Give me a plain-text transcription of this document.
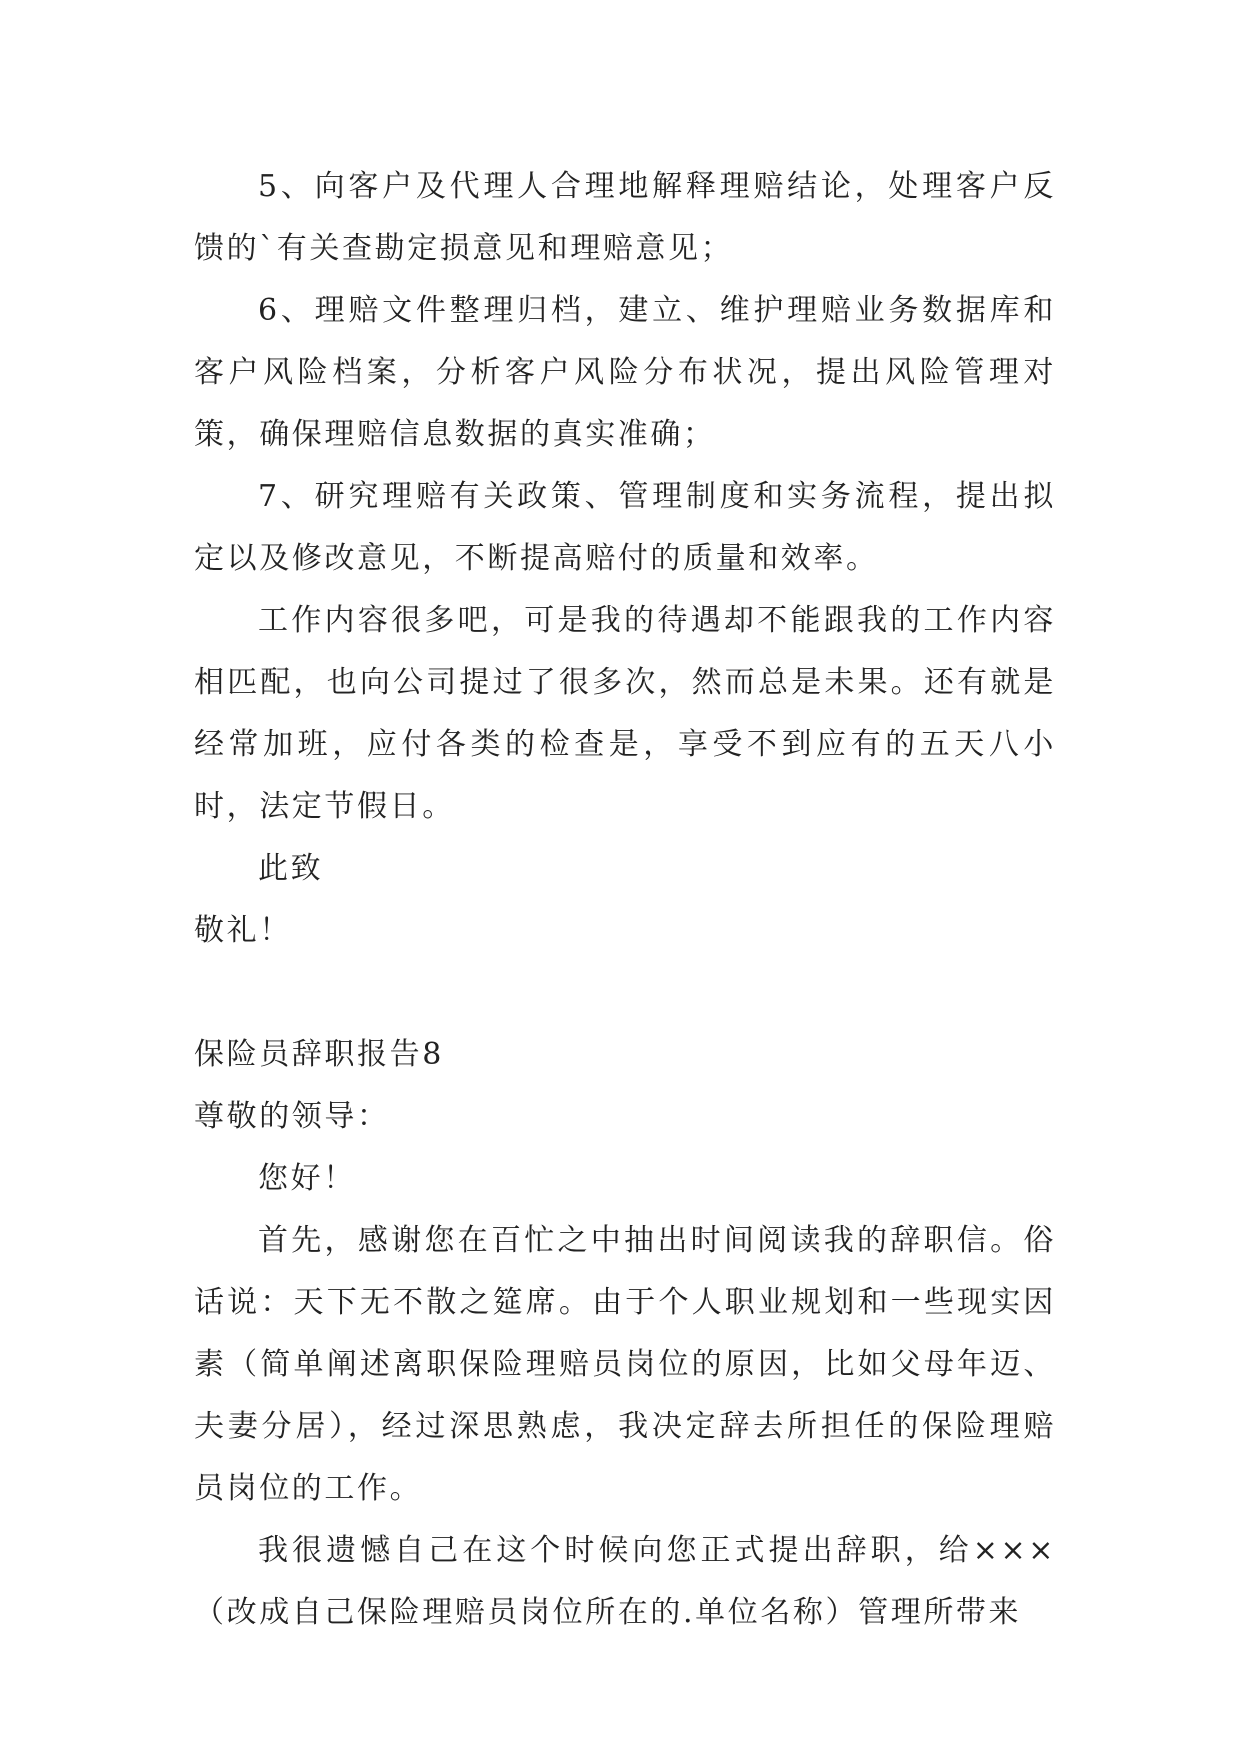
5、向客户及代理人合理地解释理赔结论，处理客户反馈的`有关查勘定损意见和理赔意见；

6、理赔文件整理归档，建立、维护理赔业务数据库和客户风险档案，分析客户风险分布状况，提出风险管理对策，确保理赔信息数据的真实准确；

7、研究理赔有关政策、管理制度和实务流程，提出拟定以及修改意见，不断提高赔付的质量和效率。

工作内容很多吧，可是我的待遇却不能跟我的工作内容相匹配，也向公司提过了很多次，然而总是未果。还有就是经常加班，应付各类的检查是，享受不到应有的五天八小时，法定节假日。

此致

敬礼！

保险员辞职报告8

尊敬的领导：

您好！

首先，感谢您在百忙之中抽出时间阅读我的辞职信。俗话说：天下无不散之筵席。由于个人职业规划和一些现实因素（简单阐述离职保险理赔员岗位的原因，比如父母年迈、夫妻分居），经过深思熟虑，我决定辞去所担任的保险理赔员岗位的工作。

我很遗憾自己在这个时候向您正式提出辞职，给×××（改成自己保险理赔员岗位所在的.单位名称）管理所带来
